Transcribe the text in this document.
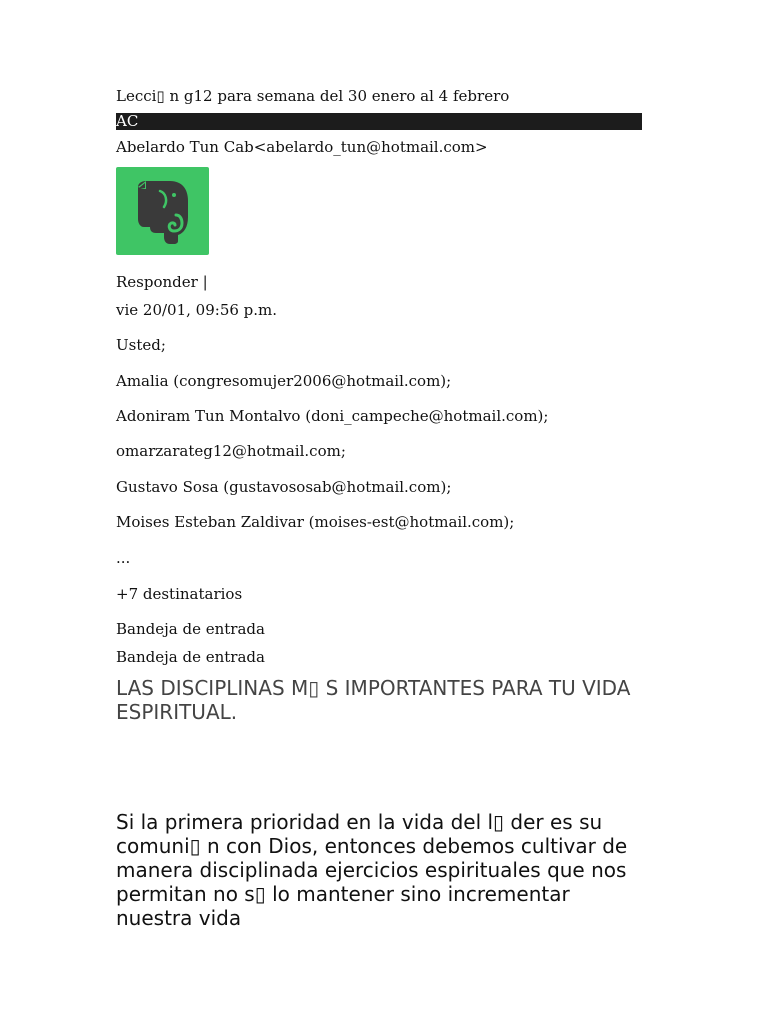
Lecci▯ n g12 para semana del 30 enero al 4 febrero
AC
Abelardo Tun Cab<abelardo_tun@hotmail.com>
Responder |
vie 20/01, 09:56 p.m.
Usted;
Amalia (congresomujer2006@hotmail.com);
Adoniram Tun Montalvo (doni_campeche@hotmail.com);
omarzarateg12@hotmail.com;
Gustavo Sosa (gustavososab@hotmail.com);
Moises Esteban Zaldivar (moises-est@hotmail.com);
...
+7 destinatarios
Bandeja de entrada
Bandeja de entrada
LAS DISCIPLINAS M▯ S IMPORTANTES PARA TU VIDA ESPIRITUAL.
Si la primera prioridad en la vida del l▯ der es su comuni▯ n con Dios, entonces debemos cultivar de manera disciplinada ejercicios espirituales que nos permitan no s▯ lo mantener sino incrementar nuestra vida
